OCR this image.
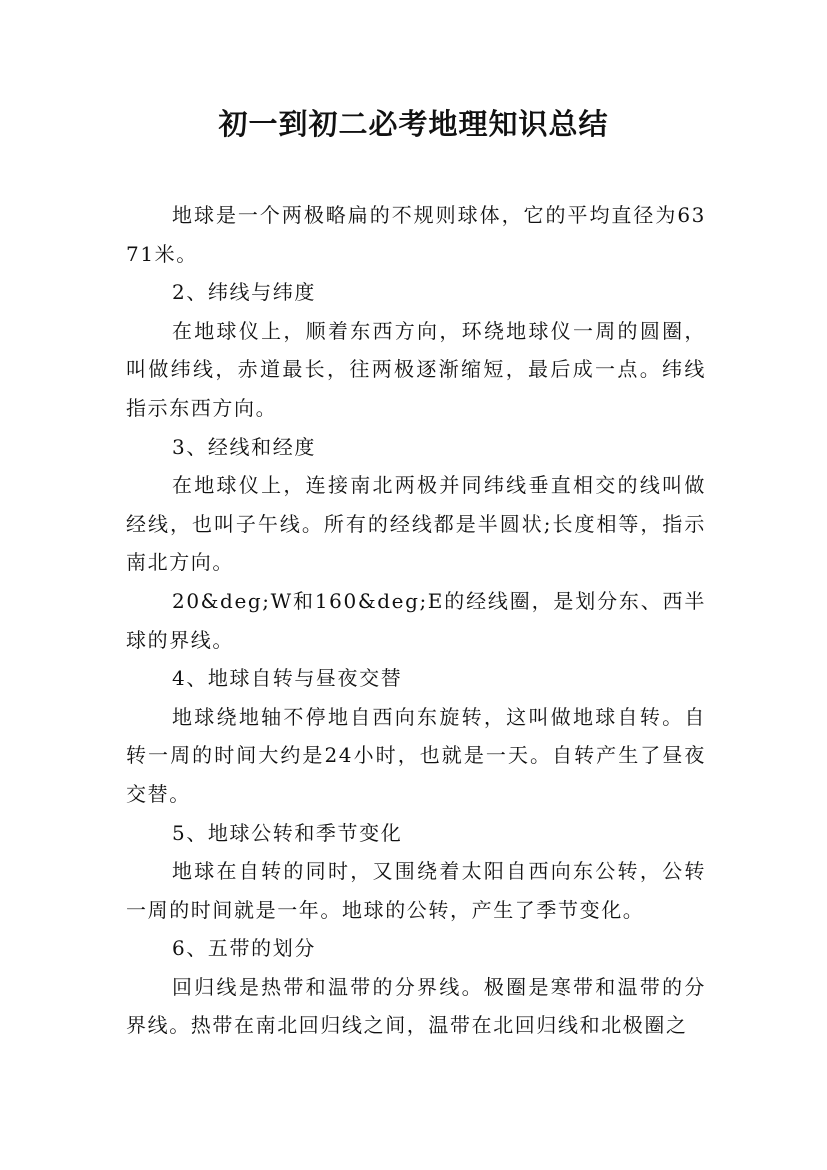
初一到初二必考地理知识总结

地球是一个两极略扁的不规则球体，它的平均直径为6371米。

2、纬线与纬度

在地球仪上，顺着东西方向，环绕地球仪一周的圆圈，叫做纬线，赤道最长，往两极逐渐缩短，最后成一点。纬线指示东西方向。

3、经线和经度

在地球仪上，连接南北两极并同纬线垂直相交的线叫做经线，也叫子午线。所有的经线都是半圆状;长度相等，指示南北方向。

20&deg;W和160&deg;E的经线圈，是划分东、西半球的界线。

4、地球自转与昼夜交替

地球绕地轴不停地自西向东旋转，这叫做地球自转。自转一周的时间大约是24小时，也就是一天。自转产生了昼夜交替。

5、地球公转和季节变化

地球在自转的同时，又围绕着太阳自西向东公转，公转一周的时间就是一年。地球的公转，产生了季节变化。

6、五带的划分

回归线是热带和温带的分界线。极圈是寒带和温带的分界线。热带在南北回归线之间，温带在北回归线和北极圈之
